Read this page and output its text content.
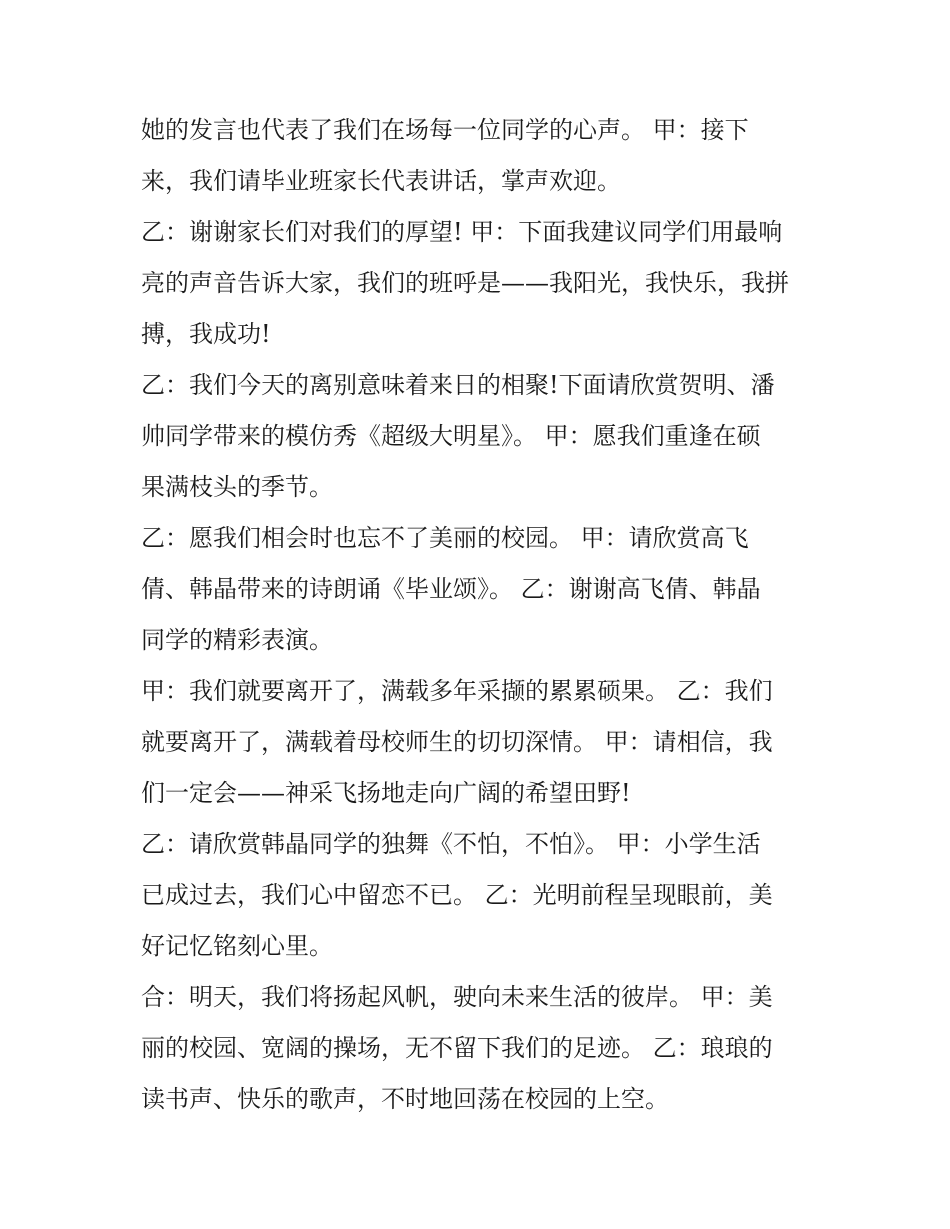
她的发言也代表了我们在场每一位同学的心声。 甲：接下
来，我们请毕业班家长代表讲话，掌声欢迎。
乙：谢谢家长们对我们的厚望! 甲：下面我建议同学们用最响
亮的声音告诉大家，我们的班呼是——我阳光，我快乐，我拼
搏，我成功!
乙：我们今天的离别意味着来日的相聚!下面请欣赏贺明、潘
帅同学带来的模仿秀《超级大明星》。 甲：愿我们重逢在硕
果满枝头的季节。
乙：愿我们相会时也忘不了美丽的校园。 甲：请欣赏高飞
倩、韩晶带来的诗朗诵《毕业颂》。 乙：谢谢高飞倩、韩晶
同学的精彩表演。
甲：我们就要离开了，满载多年采撷的累累硕果。 乙：我们
就要离开了，满载着母校师生的切切深情。 甲：请相信，我
们一定会——神采飞扬地走向广阔的希望田野!
乙：请欣赏韩晶同学的独舞《不怕，不怕》。 甲：小学生活
已成过去，我们心中留恋不已。 乙：光明前程呈现眼前，美
好记忆铭刻心里。
合：明天，我们将扬起风帆，驶向未来生活的彼岸。 甲：美
丽的校园、宽阔的操场，无不留下我们的足迹。 乙：琅琅的
读书声、快乐的歌声，不时地回荡在校园的上空。
